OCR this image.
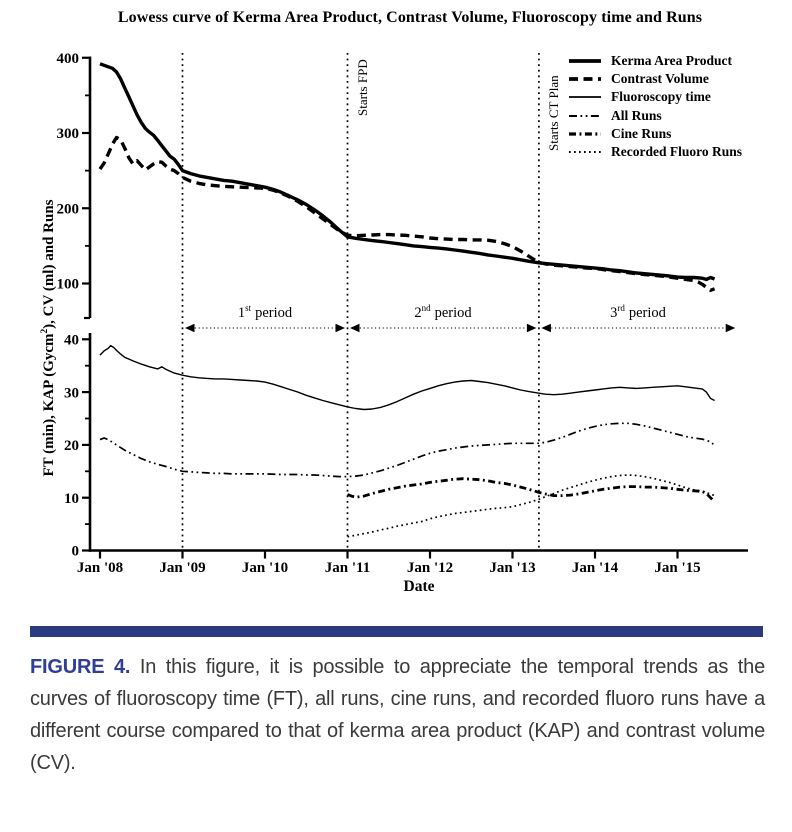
Lowess curve of Kerma Area Product, Contrast Volume, Fluoroscopy time and Runs
400
300
200
100
40
30
20
10
0
Jan '08 Jan '09 Jan '10 Jan '11 Jan '12 Jan '13 Jan '14 Jan '15
FT (min), KAP (Gycm$^2$), CV (ml) and Runs
Starts FPD	Starts CT Plan
1st period	2nd period	3rd period
Date
Kerma Area Product
Contrast Volume
Fluoroscopy time
All Runs
Cine Runs
Recorded Fluoro Runs
FIGURE 4. In this figure, it is possible to appreciate the temporal trends as the curves of fluoroscopy time (FT), all runs, cine runs, and recorded fluoro runs have a different course compared to that of kerma area product (KAP) and contrast volume (CV).
